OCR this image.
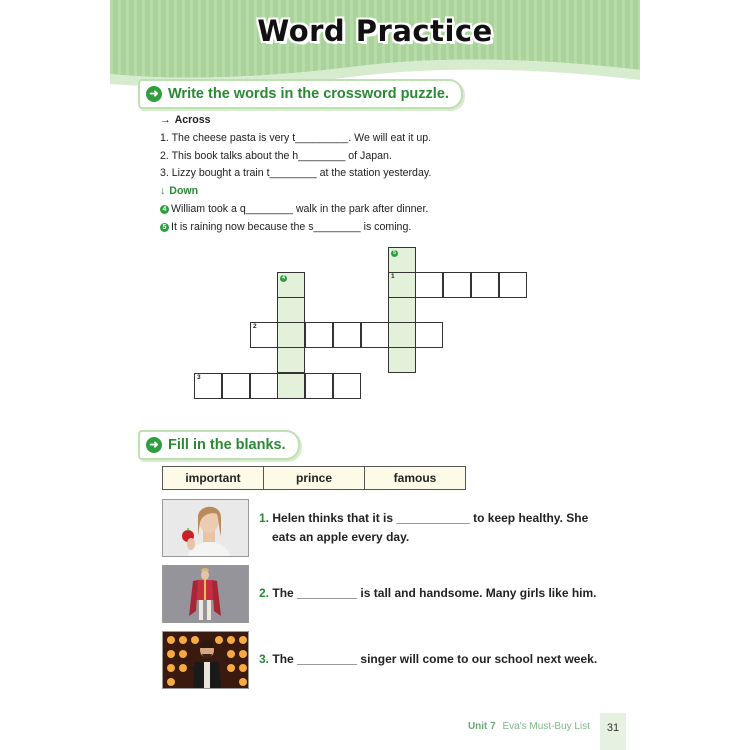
Word Practice
➜ Write the words in the crossword puzzle.
→ Across
1. The cheese pasta is very t_________. We will eat it up.
2. This book talks about the h________ of Japan.
3. Lizzy bought a train t________ at the station yesterday.
↓ Down
4 William took a q________ walk in the park after dinner.
5 It is raining now because the s________ is coming.
5
1
4
2
3
➜ Fill in the blanks.
important	prince	famous
1. Helen thinks that it is ___________ to keep healthy. She
eats an apple every day.
2. The _________ is tall and handsome. Many girls like him.
3. The _________ singer will come to our school next week.
Unit 7 Eva's Must-Buy List	31
